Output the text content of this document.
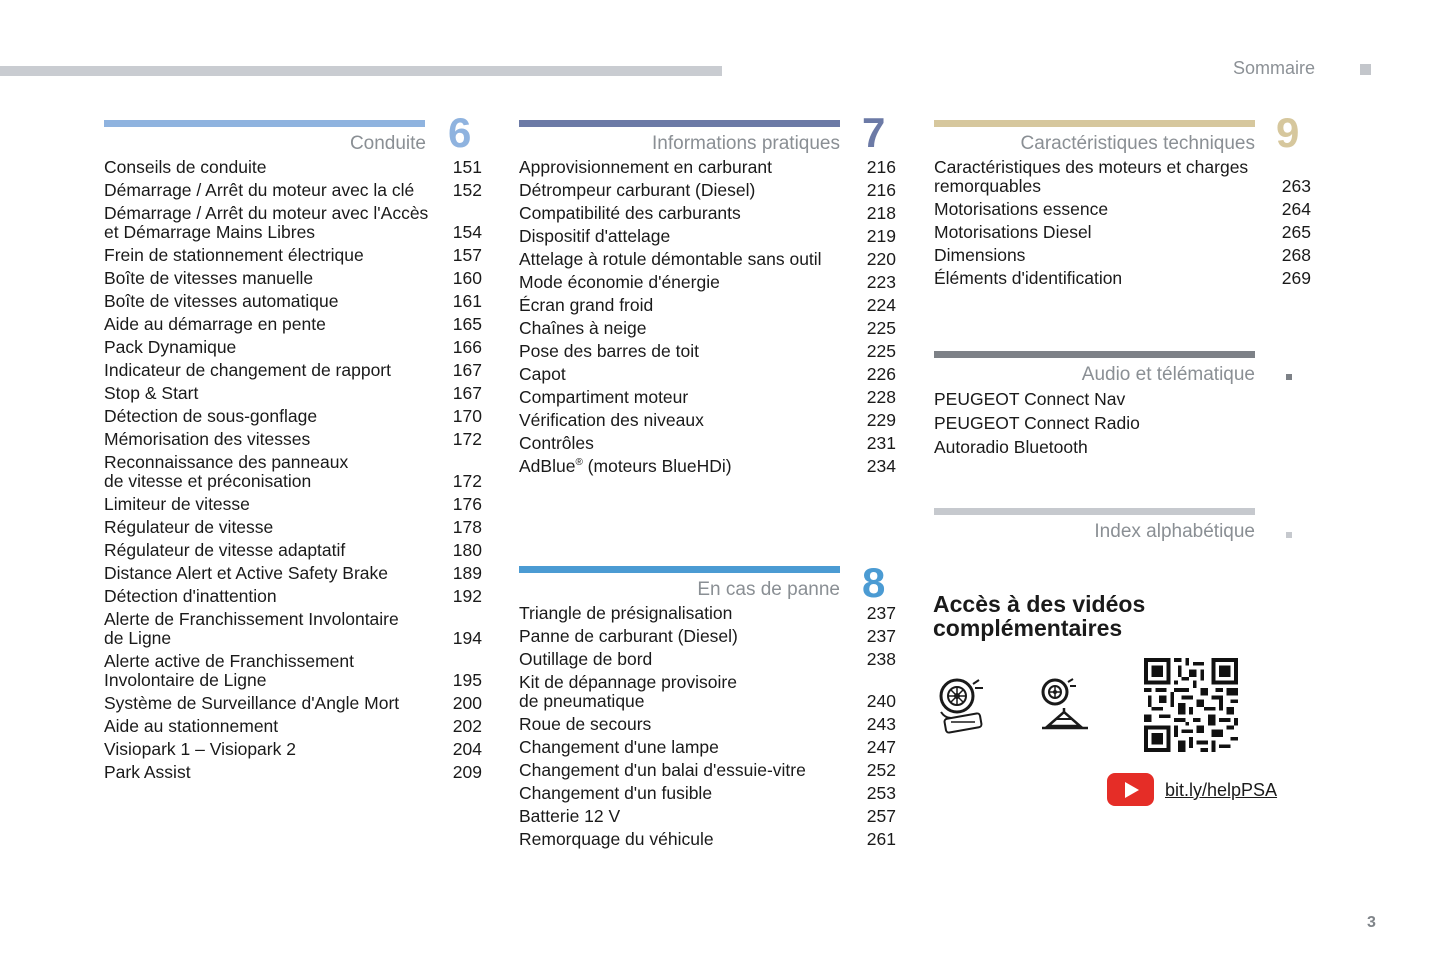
Sommaire
Conduite 6
Conseils de conduite	151
Démarrage / Arrêt du moteur avec la clé 152
Démarrage / Arrêt du moteur avec l'Accès
et Démarrage Mains Libres	154
Frein de stationnement électrique	157
Boîte de vitesses manuelle	160
Boîte de vitesses automatique	161
Aide au démarrage en pente	165
Pack Dynamique	166
Indicateur de changement de rapport	167
Stop & Start	167
Détection de sous-gonflage	170
Mémorisation des vitesses	172
Reconnaissance des panneaux
de vitesse et préconisation	172
Limiteur de vitesse	176
Régulateur de vitesse	178
Régulateur de vitesse adaptatif	180
Distance Alert et Active Safety Brake	189
Détection d'inattention	192
Alerte de Franchissement Involontaire
de Ligne	194
Alerte active de Franchissement
Involontaire de Ligne	195
Système de Surveillance d'Angle Mort	200
Aide au stationnement	202
Visiopark 1 – Visiopark 2	204
Park Assist	209
Informations pratiques 7
Approvisionnement en carburant	216
Détrompeur carburant (Diesel)	216
Compatibilité des carburants	218
Dispositif d'attelage	219
Attelage à rotule démontable sans outil	220
Mode économie d'énergie	223
Écran grand froid	224
Chaînes à neige	225
Pose des barres de toit	225
Capot	226
Compartiment moteur	228
Vérification des niveaux	229
Contrôles	231
AdBlue® (moteurs BlueHDi)	234
En cas de panne 8
Triangle de présignalisation	237
Panne de carburant (Diesel)	237
Outillage de bord	238
Kit de dépannage provisoire
de pneumatique	240
Roue de secours	243
Changement d'une lampe	247
Changement d'un balai d'essuie-vitre	252
Changement d'un fusible	253
Batterie 12 V	257
Remorquage du véhicule	261
Caractéristiques techniques 9
Caractéristiques des moteurs et charges
remorquables	263
Motorisations essence	264
Motorisations Diesel	265
Dimensions	268
Éléments d'identification	269
Audio et télématique
PEUGEOT Connect Nav
PEUGEOT Connect Radio
Autoradio Bluetooth
Index alphabétique
Accès à des vidéos
complémentaires
bit.ly/helpPSA
3
